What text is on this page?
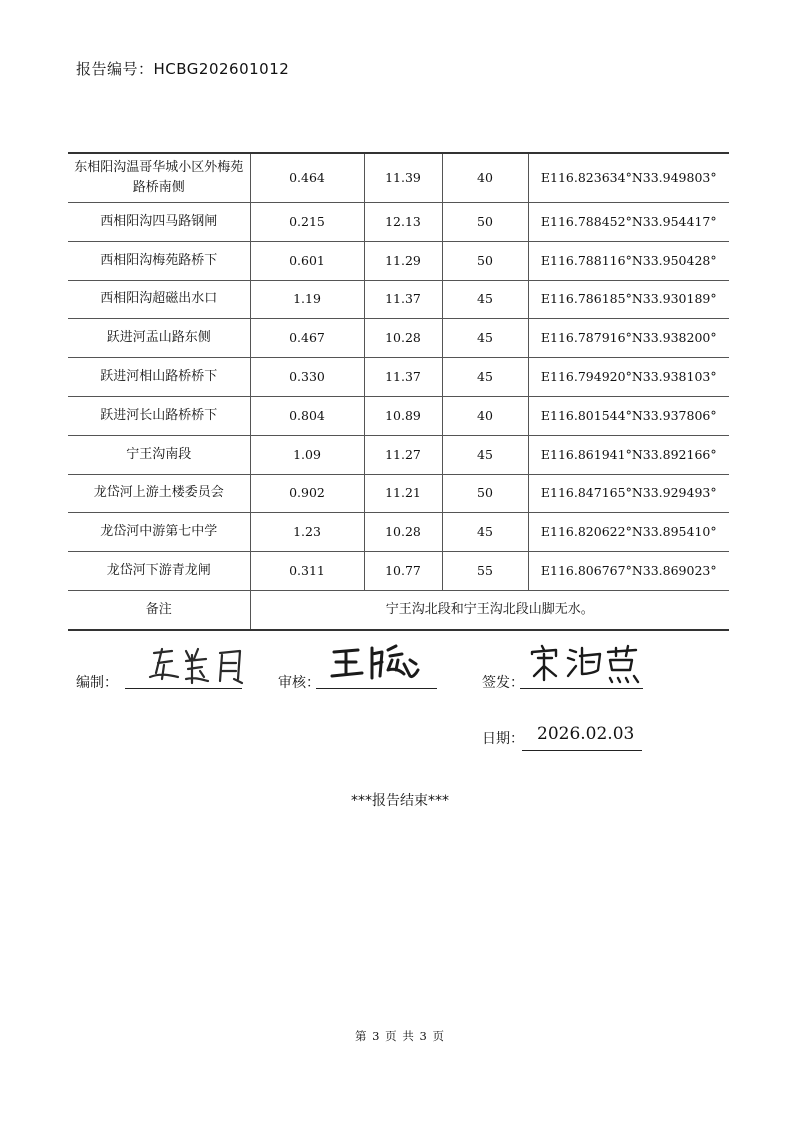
报告编号：HCBG202601012
东相阳沟温哥华城小区外梅苑路桥南侧	0.464	11.39	40	E116.823634°N33.949803°
西相阳沟四马路钢闸	0.215	12.13	50	E116.788452°N33.954417°
西相阳沟梅苑路桥下	0.601	11.29	50	E116.788116°N33.950428°
西相阳沟超磁出水口	1.19	11.37	45	E116.786185°N33.930189°
跃进河盂山路东侧	0.467	10.28	45	E116.787916°N33.938200°
跃进河相山路桥桥下	0.330	11.37	45	E116.794920°N33.938103°
跃进河长山路桥桥下	0.804	10.89	40	E116.801544°N33.937806°
宁王沟南段	1.09	11.27	45	E116.861941°N33.892166°
龙岱河上游土楼委员会	0.902	11.21	50	E116.847165°N33.929493°
龙岱河中游第七中学	1.23	10.28	45	E116.820622°N33.895410°
龙岱河下游青龙闸	0.311	10.77	55	E116.806767°N33.869023°
备注	宁王沟北段和宁王沟北段山脚无水。			
编制：	审核：	签发：
日期： 2026.02.03
***报告结束***
第 3 页 共 3 页
